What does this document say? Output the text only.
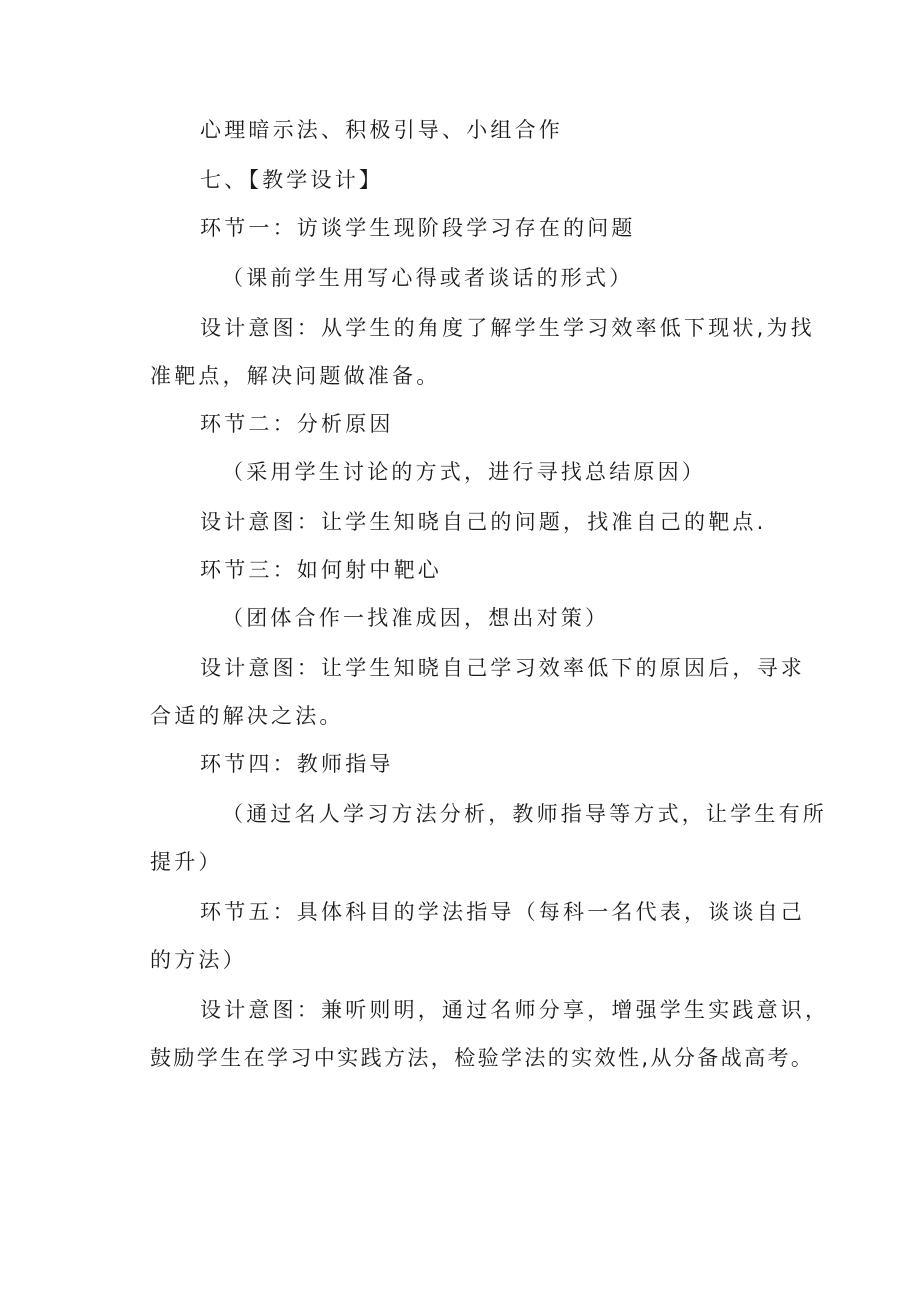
心理暗示法、积极引导、小组合作
七、【教学设计】
环节一：访谈学生现阶段学习存在的问题
（课前学生用写心得或者谈话的形式）
设计意图：从学生的角度了解学生学习效率低下现状,为找
准靶点，解决问题做准备。
环节二：分析原因
（采用学生讨论的方式，进行寻找总结原因）
设计意图：让学生知晓自己的问题，找准自己的靶点.
环节三：如何射中靶心
（团体合作一找准成因，想出对策）
设计意图：让学生知晓自己学习效率低下的原因后，寻求
合适的解决之法。
环节四：教师指导
（通过名人学习方法分析，教师指导等方式，让学生有所
提升）
环节五：具体科目的学法指导（每科一名代表，谈谈自己
的方法）
设计意图：兼听则明，通过名师分享，增强学生实践意识，
鼓励学生在学习中实践方法，检验学法的实效性,从分备战高考。
